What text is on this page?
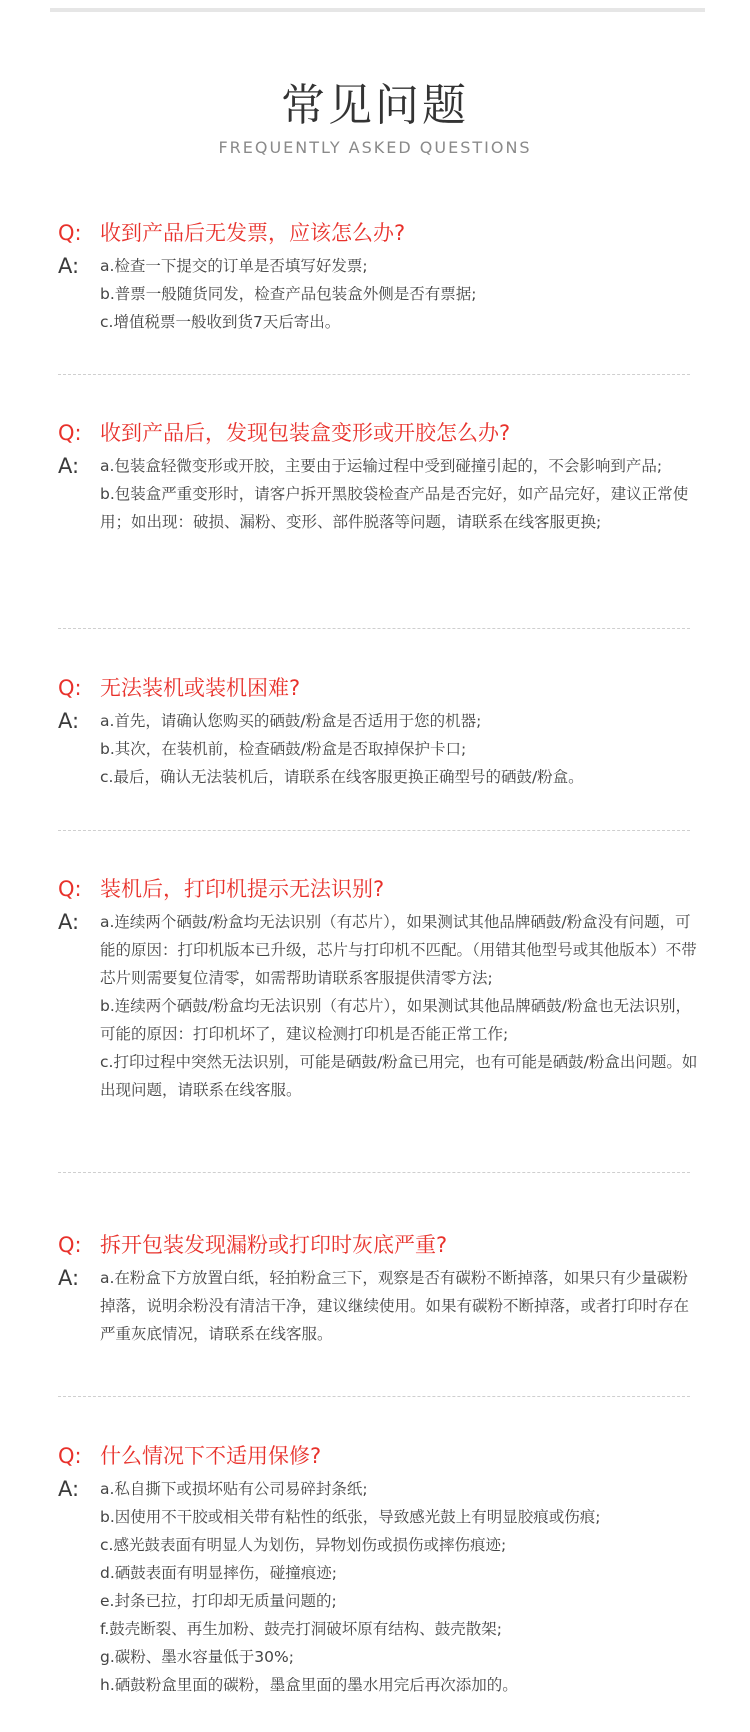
常见问题
FREQUENTLY ASKED QUESTIONS
Q: 收到产品后无发票，应该怎么办?
A:	a.检查一下提交的订单是否填写好发票;
b.普票一般随货同发，检查产品包装盒外侧是否有票据;
c.增值税票一般收到货7天后寄出。
Q: 收到产品后，发现包装盒变形或开胶怎么办?
A:	a.包装盒轻微变形或开胶，主要由于运输过程中受到碰撞引起的，不会影响到产品;
b.包装盒严重变形时，请客户拆开黑胶袋检查产品是否完好，如产品完好，建议正常使用；如出现：破损、漏粉、变形、部件脱落等问题，请联系在线客服更换;
Q: 无法装机或装机困难?
A:	a.首先，请确认您购买的硒鼓/粉盒是否适用于您的机器;
b.其次，在装机前，检查硒鼓/粉盒是否取掉保护卡口;
c.最后，确认无法装机后，请联系在线客服更换正确型号的硒鼓/粉盒。
Q: 装机后，打印机提示无法识别?
A:	a.连续两个硒鼓/粉盒均无法识别（有芯片），如果测试其他品牌硒鼓/粉盒没有问题，可能的原因：打印机版本已升级，芯片与打印机不匹配。（用错其他型号或其他版本）不带芯片则需要复位清零，如需帮助请联系客服提供清零方法;
b.连续两个硒鼓/粉盒均无法识别（有芯片），如果测试其他品牌硒鼓/粉盒也无法识别，可能的原因：打印机坏了，建议检测打印机是否能正常工作;
c.打印过程中突然无法识别，可能是硒鼓/粉盒已用完，也有可能是硒鼓/粉盒出问题。如出现问题，请联系在线客服。
Q: 拆开包装发现漏粉或打印时灰底严重?
A:	a.在粉盒下方放置白纸，轻拍粉盒三下，观察是否有碳粉不断掉落，如果只有少量碳粉掉落，说明余粉没有清洁干净，建议继续使用。如果有碳粉不断掉落，或者打印时存在严重灰底情况，请联系在线客服。
Q: 什么情况下不适用保修?
A:	a.私自撕下或损坏贴有公司易碎封条纸;
b.因使用不干胶或相关带有粘性的纸张，导致感光鼓上有明显胶痕或伤痕;
c.感光鼓表面有明显人为划伤，异物划伤或损伤或摔伤痕迹;
d.硒鼓表面有明显摔伤，碰撞痕迹;
e.封条已拉，打印却无质量问题的;
f.鼓壳断裂、再生加粉、鼓壳打洞破坏原有结构、鼓壳散架;
g.碳粉、墨水容量低于30%;
h.硒鼓粉盒里面的碳粉，墨盒里面的墨水用完后再次添加的。
